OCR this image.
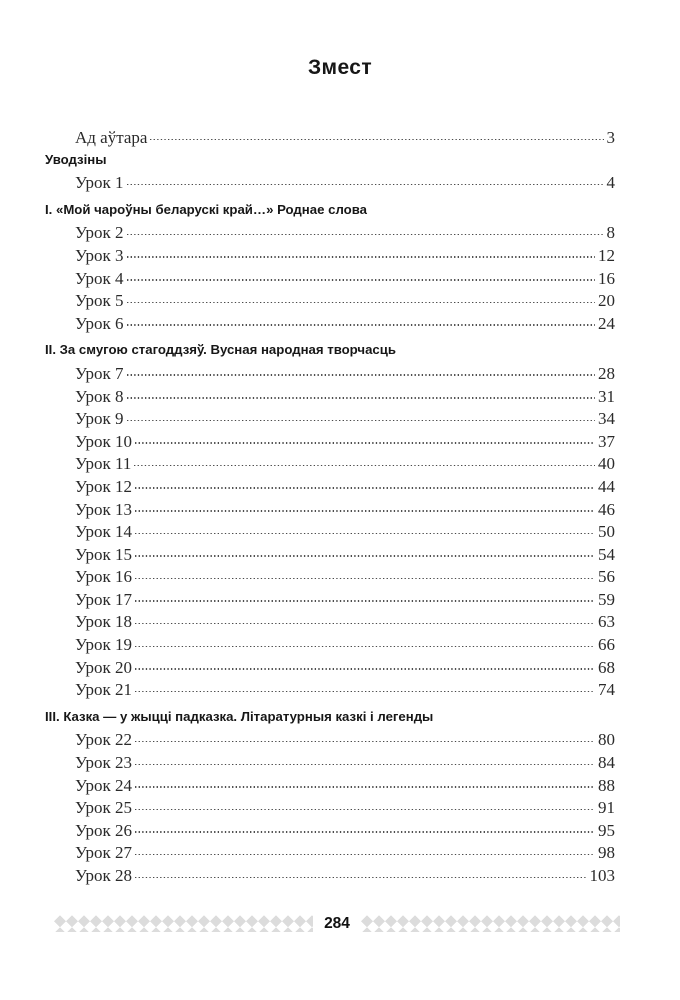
Змест
Ад аўтара	3
Уводзіны
Урок 1	4
I. «Мой чароўны беларускі край…» Роднае слова
Урок 2	8
Урок 3	12
Урок 4	16
Урок 5	20
Урок 6	24
II. За смугою стагоддзяў. Вусная народная творчасць
Урок 7	28
Урок 8	31
Урок 9	34
Урок 10	37
Урок 11	40
Урок 12	44
Урок 13	46
Урок 14	50
Урок 15	54
Урок 16	56
Урок 17	59
Урок 18	63
Урок 19	66
Урок 20	68
Урок 21	74
III. Казка — у жыцці падказка. Літаратурныя казкі і легенды
Урок 22	80
Урок 23	84
Урок 24	88
Урок 25	91
Урок 26	95
Урок 27	98
Урок 28	103
284
